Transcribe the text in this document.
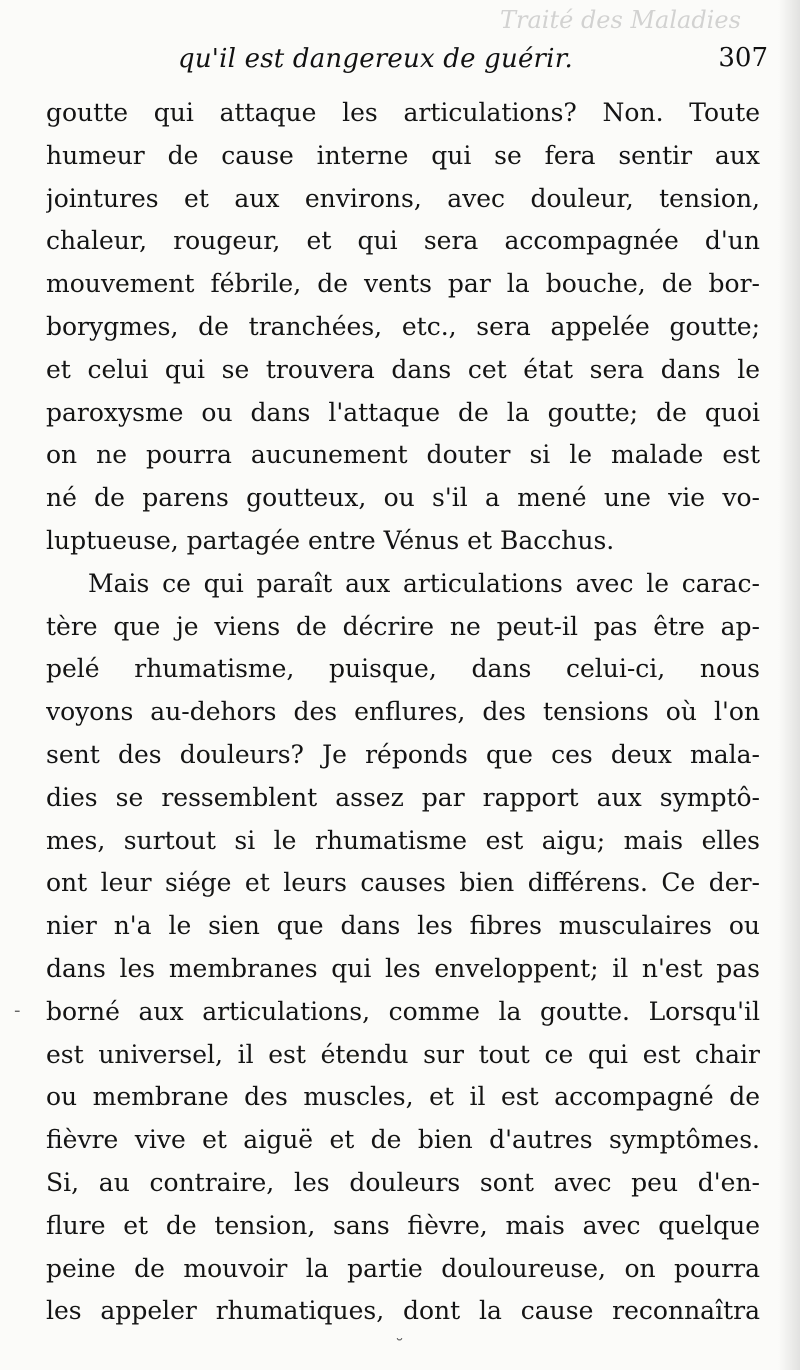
Traité des Maladies
qu'il est dangereux de guérir.	307
goutte qui attaque les articulations? Non. Toute
humeur de cause interne qui se fera sentir aux
jointures et aux environs, avec douleur, tension,
chaleur, rougeur, et qui sera accompagnée d'un
mouvement fébrile, de vents par la bouche, de bor-
borygmes, de tranchées, etc., sera appelée goutte;
et celui qui se trouvera dans cet état sera dans le
paroxysme ou dans l'attaque de la goutte; de quoi
on ne pourra aucunement douter si le malade est
né de parens goutteux, ou s'il a mené une vie vo-
luptueuse, partagée entre Vénus et Bacchus.
Mais ce qui paraît aux articulations avec le carac-
tère que je viens de décrire ne peut-il pas être ap-
pelé rhumatisme, puisque, dans celui-ci, nous
voyons au-dehors des enflures, des tensions où l'on
sent des douleurs? Je réponds que ces deux mala-
dies se ressemblent assez par rapport aux symptô-
mes, surtout si le rhumatisme est aigu; mais elles
ont leur siége et leurs causes bien différens. Ce der-
nier n'a le sien que dans les fibres musculaires ou
dans les membranes qui les enveloppent; il n'est pas
borné aux articulations, comme la goutte. Lorsqu'il
est universel, il est étendu sur tout ce qui est chair
ou membrane des muscles, et il est accompagné de
fièvre vive et aiguë et de bien d'autres symptômes.
Si, au contraire, les douleurs sont avec peu d'en-
flure et de tension, sans fièvre, mais avec quelque
peine de mouvoir la partie douloureuse, on pourra
les appeler rhumatiques, dont la cause reconnaîtra
-
˘
